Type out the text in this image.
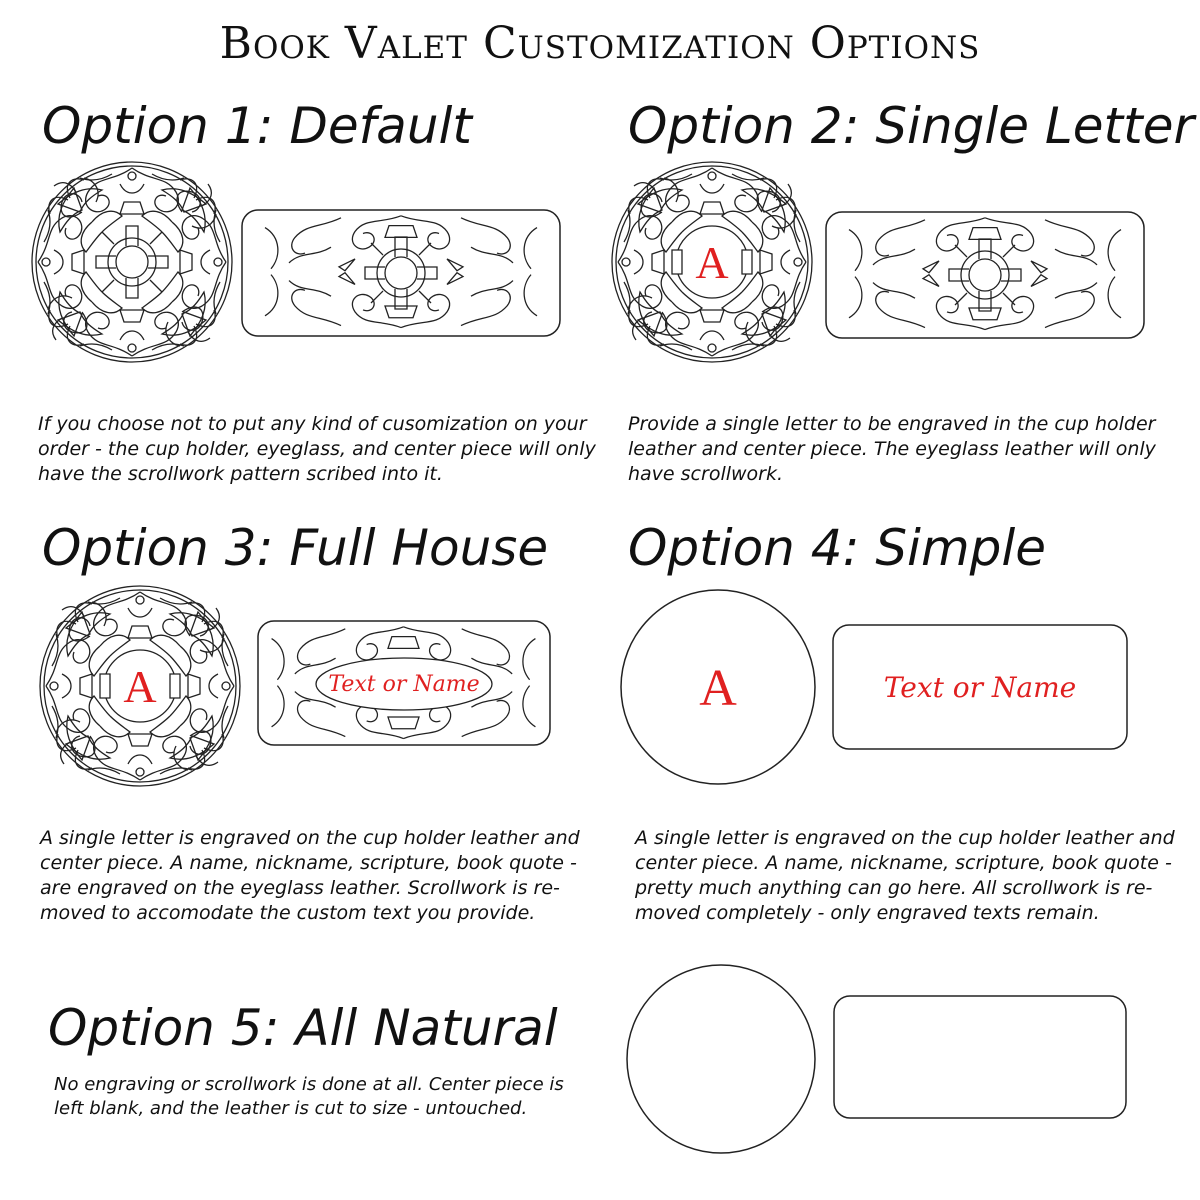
Book Valet Customization Options
Option 1: Default

If you choose not to put any kind of cusomization on your

order - the cup holder, eyeglass, and center piece will only

have the scrollwork pattern scribed into it.

Option 2: Single Letter

Provide a single letter to be engraved in the cup holder

leather and center piece. The eyeglass leather will only

have scrollwork.

Option 3: Full House

A single letter is engraved on the cup holder leather and

center piece. A name, nickname, scripture, book quote -

are engraved on the eyeglass leather. Scrollwork is re-

moved to accomodate the custom text you provide.

Option 4: Simple

A single letter is engraved on the cup holder leather and

center piece. A name, nickname, scripture, book quote -

pretty much anything can go here. All scrollwork is re-

moved completely - only engraved texts remain.

Option 5: All Natural

No engraving or scrollwork is done at all. Center piece is

left blank, and the leather is cut to size - untouched.

A
A	Text or Name	A	Text or Name
